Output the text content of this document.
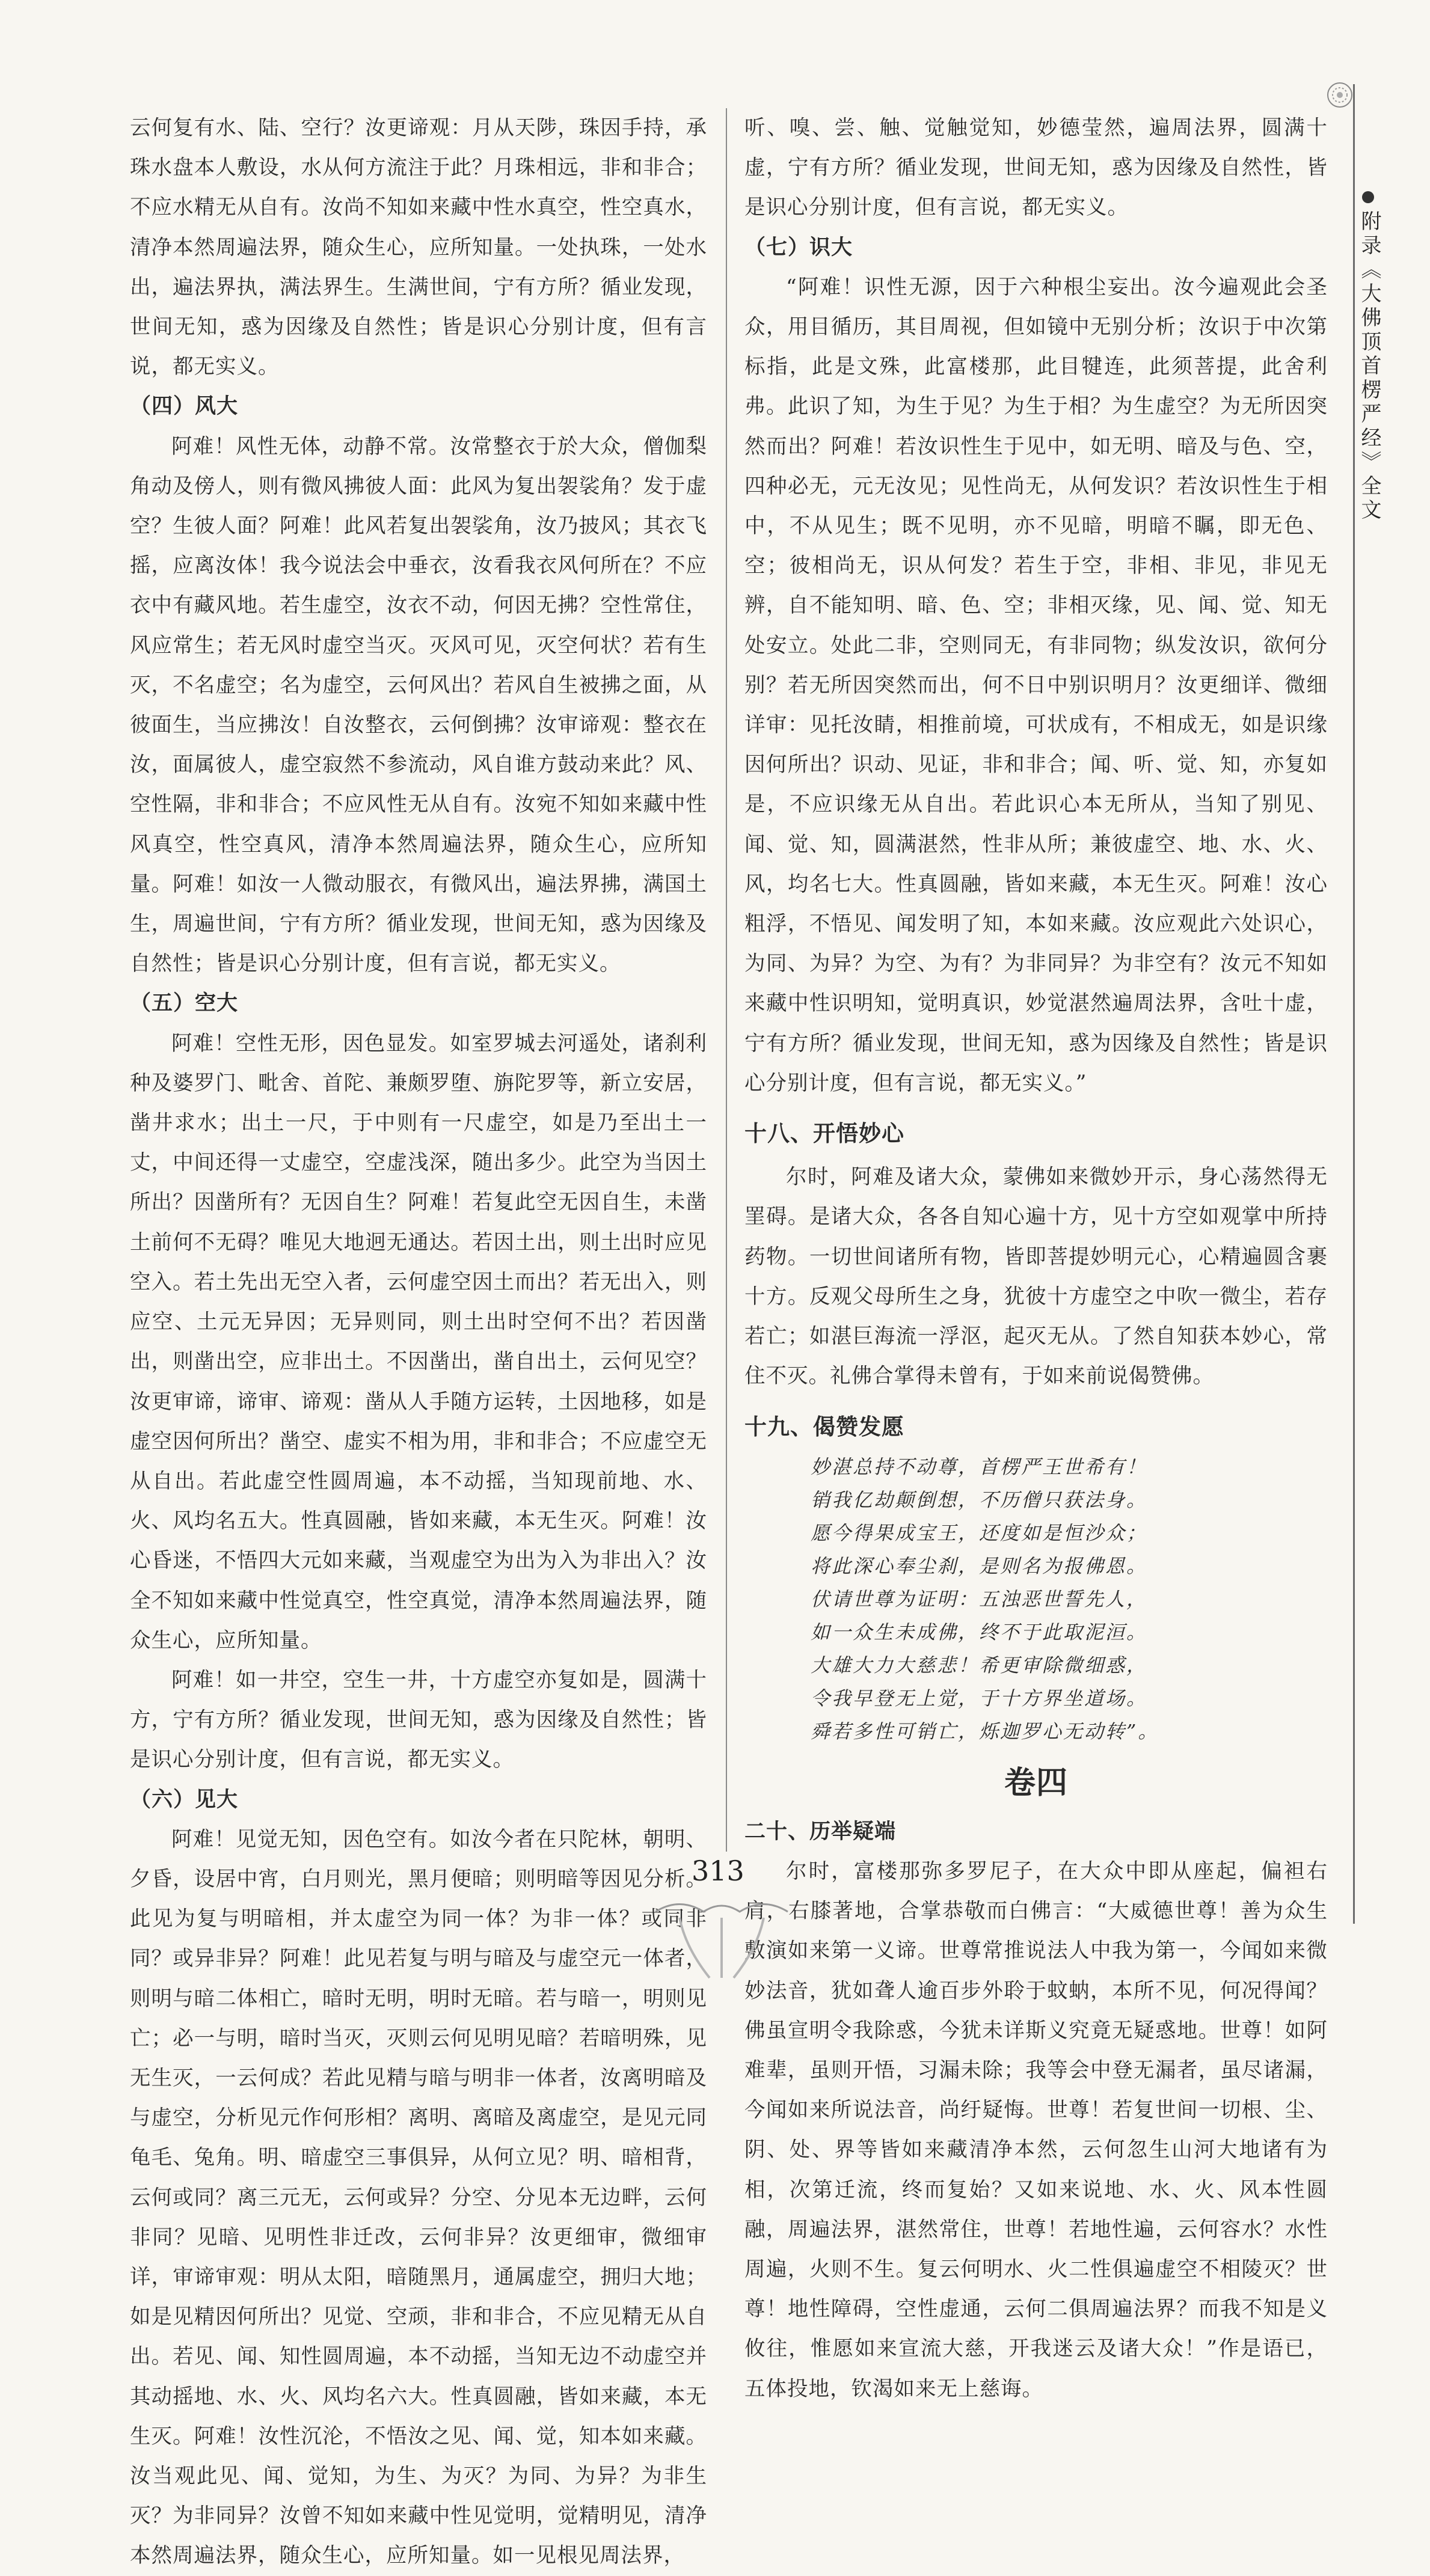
附录《大佛顶首楞严经》全文

云何复有水、陆、空行？汝更谛观：月从天陟，珠因手持，承珠水盘本人敷设，水从何方流注于此？月珠相远，非和非合；不应水精无从自有。汝尚不知如来藏中性水真空，性空真水，清净本然周遍法界，随众生心，应所知量。一处执珠，一处水出，遍法界执，满法界生。生满世间，宁有方所？循业发现，世间无知，惑为因缘及自然性；皆是识心分别计度，但有言说，都无实义。

（四）风大

阿难！风性无体，动静不常。汝常整衣于於大众，僧伽梨角动及傍人，则有微风拂彼人面：此风为复出袈裟角？发于虚空？生彼人面？阿难！此风若复出袈裟角，汝乃披风；其衣飞摇，应离汝体！我今说法会中垂衣，汝看我衣风何所在？不应衣中有藏风地。若生虚空，汝衣不动，何因无拂？空性常住，风应常生；若无风时虚空当灭。灭风可见，灭空何状？若有生灭，不名虚空；名为虚空，云何风出？若风自生被拂之面，从彼面生，当应拂汝！自汝整衣，云何倒拂？汝审谛观：整衣在汝，面属彼人，虚空寂然不参流动，风自谁方鼓动来此？风、空性隔，非和非合；不应风性无从自有。汝宛不知如来藏中性风真空，性空真风，清净本然周遍法界，随众生心，应所知量。阿难！如汝一人微动服衣，有微风出，遍法界拂，满国土生，周遍世间，宁有方所？循业发现，世间无知，惑为因缘及自然性；皆是识心分别计度，但有言说，都无实义。

（五）空大

阿难！空性无形，因色显发。如室罗城去河遥处，诸刹利种及婆罗门、毗舍、首陀、兼颇罗堕、旃陀罗等，新立安居，凿井求水；出土一尺，于中则有一尺虚空，如是乃至出土一丈，中间还得一丈虚空，空虚浅深，随出多少。此空为当因土所出？因凿所有？无因自生？阿难！若复此空无因自生，未凿土前何不无碍？唯见大地迥无通达。若因土出，则土出时应见空入。若土先出无空入者，云何虚空因土而出？若无出入，则应空、土元无异因；无异则同，则土出时空何不出？若因凿出，则凿出空，应非出土。不因凿出，凿自出土，云何见空？汝更审谛，谛审、谛观：凿从人手随方运转，土因地移，如是虚空因何所出？凿空、虚实不相为用，非和非合；不应虚空无从自出。若此虚空性圆周遍，本不动摇，当知现前地、水、火、风均名五大。性真圆融，皆如来藏，本无生灭。阿难！汝心昏迷，不悟四大元如来藏，当观虚空为出为入为非出入？汝全不知如来藏中性觉真空，性空真觉，清净本然周遍法界，随众生心，应所知量。

阿难！如一井空，空生一井，十方虚空亦复如是，圆满十方，宁有方所？循业发现，世间无知，惑为因缘及自然性；皆是识心分别计度，但有言说，都无实义。

（六）见大

阿难！见觉无知，因色空有。如汝今者在只陀林，朝明、夕昏，设居中宵，白月则光，黑月便暗；则明暗等因见分析。此见为复与明暗相，并太虚空为同一体？为非一体？或同非同？或异非异？阿难！此见若复与明与暗及与虚空元一体者，则明与暗二体相亡，暗时无明，明时无暗。若与暗一，明则见亡；必一与明，暗时当灭，灭则云何见明见暗？若暗明殊，见无生灭，一云何成？若此见精与暗与明非一体者，汝离明暗及与虚空，分析见元作何形相？离明、离暗及离虚空，是见元同龟毛、兔角。明、暗虚空三事俱异，从何立见？明、暗相背，云何或同？离三元无，云何或异？分空、分见本无边畔，云何非同？见暗、见明性非迁改，云何非异？汝更细审，微细审详，审谛审观：明从太阳，暗随黑月，通属虚空，拥归大地；如是见精因何所出？见觉、空顽，非和非合，不应见精无从自出。若见、闻、知性圆周遍，本不动摇，当知无边不动虚空并其动摇地、水、火、风均名六大。性真圆融，皆如来藏，本无生灭。阿难！汝性沉沦，不悟汝之见、闻、觉，知本如来藏。汝当观此见、闻、觉知，为生、为灭？为同、为异？为非生灭？为非同异？汝曾不知如来藏中性见觉明，觉精明见，清净本然周遍法界，随众生心，应所知量。如一见根见周法界，

听、嗅、尝、触、觉触觉知，妙德莹然，遍周法界，圆满十虚，宁有方所？循业发现，世间无知，惑为因缘及自然性，皆是识心分别计度，但有言说，都无实义。

（七）识大

“阿难！识性无源，因于六种根尘妄出。汝今遍观此会圣众，用目循历，其目周视，但如镜中无别分析；汝识于中次第标指，此是文殊，此富楼那，此目犍连，此须菩提，此舍利弗。此识了知，为生于见？为生于相？为生虚空？为无所因突然而出？阿难！若汝识性生于见中，如无明、暗及与色、空，四种必无，元无汝见；见性尚无，从何发识？若汝识性生于相中，不从见生；既不见明，亦不见暗，明暗不瞩，即无色、空；彼相尚无，识从何发？若生于空，非相、非见，非见无辨，自不能知明、暗、色、空；非相灭缘，见、闻、觉、知无处安立。处此二非，空则同无，有非同物；纵发汝识，欲何分别？若无所因突然而出，何不日中别识明月？汝更细详、微细详审：见托汝睛，相推前境，可状成有，不相成无，如是识缘因何所出？识动、见证，非和非合；闻、听、觉、知，亦复如是，不应识缘无从自出。若此识心本无所从，当知了别见、闻、觉、知，圆满湛然，性非从所；兼彼虚空、地、水、火、风，均名七大。性真圆融，皆如来藏，本无生灭。阿难！汝心粗浮，不悟见、闻发明了知，本如来藏。汝应观此六处识心，为同、为异？为空、为有？为非同异？为非空有？汝元不知如来藏中性识明知，觉明真识，妙觉湛然遍周法界，含吐十虚，宁有方所？循业发现，世间无知，惑为因缘及自然性；皆是识心分别计度，但有言说，都无实义。”

十八、开悟妙心

尔时，阿难及诸大众，蒙佛如来微妙开示，身心荡然得无罣碍。是诸大众，各各自知心遍十方，见十方空如观掌中所持药物。一切世间诸所有物，皆即菩提妙明元心，心精遍圆含裹十方。反观父母所生之身，犹彼十方虚空之中吹一微尘，若存若亡；如湛巨海流一浮沤，起灭无从。了然自知获本妙心，常住不灭。礼佛合掌得未曾有，于如来前说偈赞佛。

十九、偈赞发愿
妙湛总持不动尊，首楞严王世希有！
销我亿劫颠倒想，不历僧只获法身。
愿今得果成宝王，还度如是恒沙众；
将此深心奉尘刹，是则名为报佛恩。
伏请世尊为证明：五浊恶世誓先人，
如一众生未成佛，终不于此取泥洹。
大雄大力大慈悲！希更审除微细惑，
令我早登无上觉，于十方界坐道场。
舜若多性可销亡，烁迦罗心无动转”。
卷四
二十、历举疑端

尔时，富楼那弥多罗尼子，在大众中即从座起，偏袒右肩，右膝著地，合掌恭敬而白佛言：“大威德世尊！善为众生敷演如来第一义谛。世尊常推说法人中我为第一，今闻如来微妙法音，犹如聋人逾百步外聆于蚊蚋，本所不见，何况得闻？佛虽宣明令我除惑，今犹未详斯义究竟无疑惑地。世尊！如阿难辈，虽则开悟，习漏未除；我等会中登无漏者，虽尽诸漏，今闻如来所说法音，尚纡疑悔。世尊！若复世间一切根、尘、阴、处、界等皆如来藏清净本然，云何忽生山河大地诸有为相，次第迁流，终而复始？又如来说地、水、火、风本性圆融，周遍法界，湛然常住，世尊！若地性遍，云何容水？水性周遍，火则不生。复云何明水、火二性俱遍虚空不相陵灭？世尊！地性障碍，空性虚通，云何二俱周遍法界？而我不知是义攸往，惟愿如来宣流大慈，开我迷云及诸大众！”作是语已，五体投地，钦渴如来无上慈诲。

313
